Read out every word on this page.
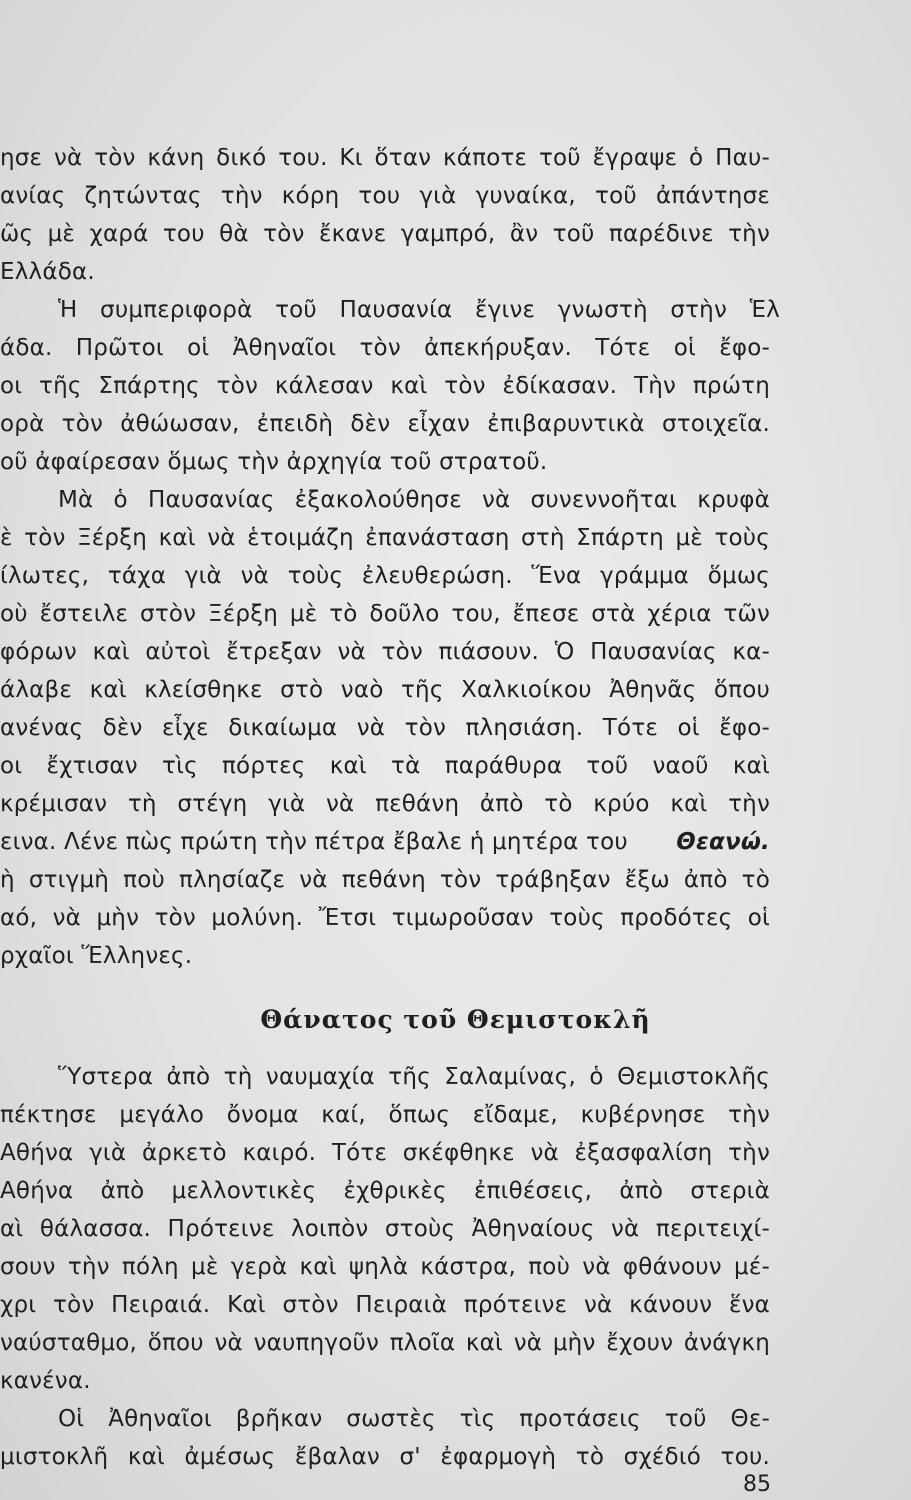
ησε νὰ τὸν κάνη δικό του. Κι ὅταν κάποτε τοῦ ἔγραψε ὁ Παυ-
ανίας ζητώντας τὴν κόρη του γιὰ γυναίκα, τοῦ ἀπάντησε
ῶς μὲ χαρά του θὰ τὸν ἔκανε γαμπρό, ἂν τοῦ παρέδινε τὴν
Ελλάδα.
Ἡ συμπεριφορὰ τοῦ Παυσανία ἔγινε γνωστὴ στὴν Ἑλ
άδα. Πρῶτοι οἱ Ἀθηναῖοι τὸν ἀπεκήρυξαν. Τότε οἱ ἔφο-
οι τῆς Σπάρτης τὸν κάλεσαν καὶ τὸν ἐδίκασαν. Τὴν πρώτη
ορὰ τὸν ἀθώωσαν, ἐπειδὴ δὲν εἶχαν ἐπιβαρυντικὰ στοιχεῖα.
οῦ ἀφαίρεσαν ὅμως τὴν ἀρχηγία τοῦ στρατοῦ.
Μὰ ὁ Παυσανίας ἐξακολούθησε νὰ συνεννοῆται κρυφὰ
ὲ τὸν Ξέρξη καὶ νὰ ἑτοιμάζη ἐπανάσταση στὴ Σπάρτη μὲ τοὺς
ίλωτες, τάχα γιὰ νὰ τοὺς ἐλευθερώση. Ἕνα γράμμα ὅμως
οὺ ἔστειλε στὸν Ξέρξη μὲ τὸ δοῦλο του, ἔπεσε στὰ χέρια τῶν
φόρων καὶ αὐτοὶ ἔτρεξαν νὰ τὸν πιάσουν. Ὁ Παυσανίας κα-
άλαβε καὶ κλείσθηκε στὸ ναὸ τῆς Χαλκιοίκου Ἀθηνᾶς ὅπου
ανένας δὲν εἶχε δικαίωμα νὰ τὸν πλησιάση. Τότε οἱ ἔφο-
οι ἔχτισαν τὶς πόρτες καὶ τὰ παράθυρα τοῦ ναοῦ καὶ
κρέμισαν τὴ στέγη γιὰ νὰ πεθάνη ἀπὸ τὸ κρύο καὶ τὴν
εινα. Λένε πὼς πρώτη τὴν πέτρα ἔβαλε ἡ μητέρα του Θεανώ.
ὴ στιγμὴ ποὺ πλησίαζε νὰ πεθάνη τὸν τράβηξαν ἔξω ἀπὸ τὸ
αό, νὰ μὴν τὸν μολύνη. Ἔτσι τιμωροῦσαν τοὺς προδότες οἱ
ρχαῖοι Ἕλληνες.
Θάνατος τοῦ Θεμιστοκλῆ
Ὕστερα ἀπὸ τὴ ναυμαχία τῆς Σαλαμίνας, ὁ Θεμιστοκλῆς
πέκτησε μεγάλο ὄνομα καί, ὅπως εἴδαμε, κυβέρνησε τὴν
Αθήνα γιὰ ἀρκετὸ καιρό. Τότε σκέφθηκε νὰ ἐξασφαλίση τὴν
Αθήνα ἀπὸ μελλοντικὲς ἐχθρικὲς ἐπιθέσεις, ἀπὸ στεριὰ
αὶ θάλασσα. Πρότεινε λοιπὸν στοὺς Ἀθηναίους νὰ περιτειχί-
σουν τὴν πόλη μὲ γερὰ καὶ ψηλὰ κάστρα, ποὺ νὰ φθάνουν μέ-
χρι τὸν Πειραιά. Καὶ στὸν Πειραιὰ πρότεινε νὰ κάνουν ἕνα
ναύσταθμο, ὅπου νὰ ναυπηγοῦν πλοῖα καὶ νὰ μὴν ἔχουν ἀνάγκη
κανένα.
Οἱ Ἀθηναῖοι βρῆκαν σωστὲς τὶς προτάσεις τοῦ Θε-
μιστοκλῆ καὶ ἀμέσως ἔβαλαν σ' ἐφαρμογὴ τὸ σχέδιό του.
85
